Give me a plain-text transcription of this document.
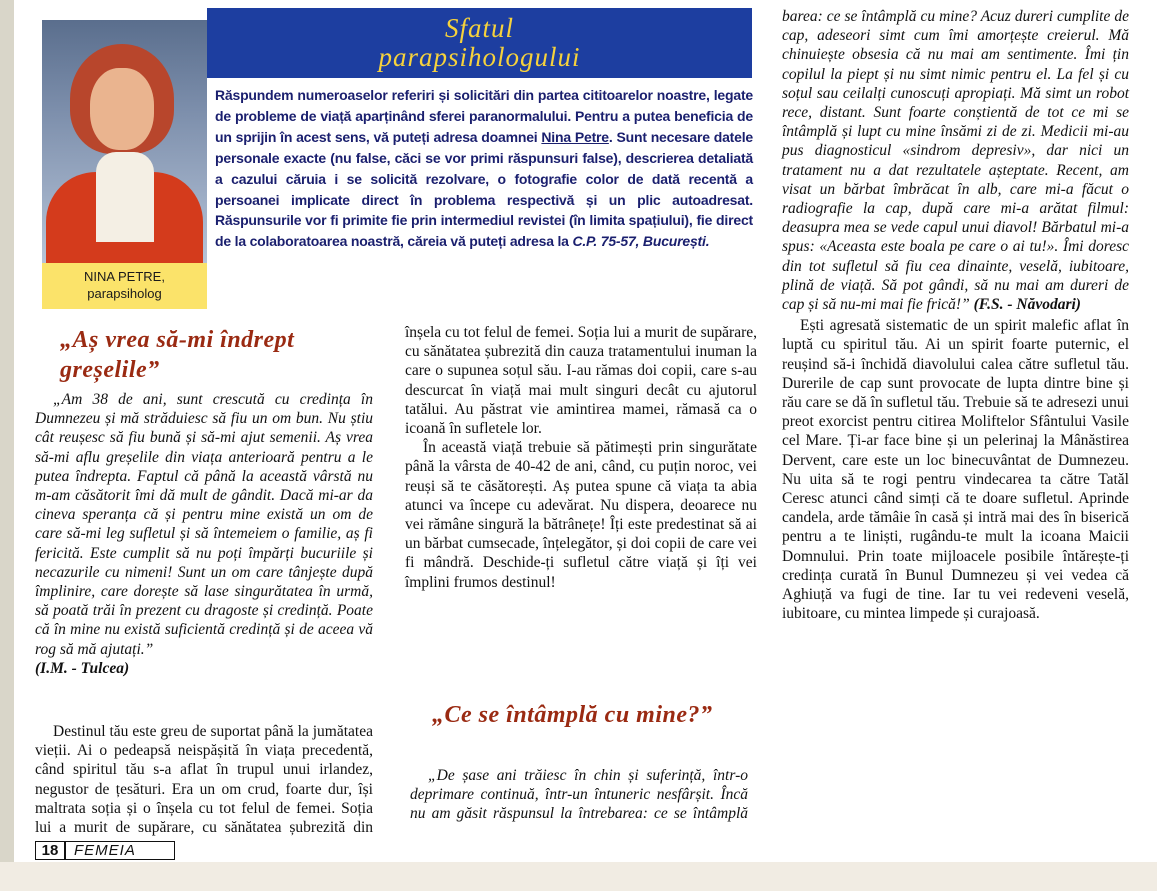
NINA PETRE,
parapsiholog
Sfatul
parapsihologului
Răspundem numeroaselor referiri și solicitări din partea cititoarelor noastre, legate de probleme de viață aparținând sferei paranormalului. Pentru a putea beneficia de un sprijin în acest sens, vă puteți adresa doamnei Nina Petre. Sunt necesare datele personale exacte (nu false, căci se vor primi răspunsuri false), descrierea detaliată a cazului căruia i se solicită rezolvare, o fotografie color de dată recentă a persoanei implicate direct în problema respectivă și un plic autoadresat. Răspunsurile vor fi primite fie prin intermediul revistei (în limita spațiului), fie direct de la colaboratoarea noastră, căreia vă puteți adresa la C.P. 75-57, București.
„Aș vrea să-mi îndrept greșelile”

„Am 38 de ani, sunt crescută cu credința în Dumnezeu și mă străduiesc să fiu un om bun. Nu știu cât reușesc să fiu bună și să-mi ajut semenii. Aș vrea să-mi aflu greșelile din viața anterioară pentru a le putea îndrepta. Faptul că până la această vârstă nu m-am căsătorit îmi dă mult de gândit. Dacă mi-ar da cineva speranța că și pentru mine există un om de care să-mi leg sufletul și să întemeiem o familie, aș fi fericită. Este cumplit să nu poți împărți bucuriile și necazurile cu nimeni! Sunt un om care tânjește după împlinire, care dorește să lase singurătatea în urmă, să poată trăi în prezent cu dragoste și credință. Poate că în mine nu există suficientă credință și de aceea vă rog să mă ajutați.”

(I.M. - Tulcea)

Destinul tău este greu de suportat până la jumătatea vieții. Ai o pedeapsă neispășită în viața precedentă, când spiritul tău s-a aflat în trupul unui irlandez, negustor de țesături. Era un om crud, foarte dur, își maltrata soția și o înșela cu tot felul de femei. Soția lui a murit de supărare, cu sănătatea șubrezită din

înșela cu tot felul de femei. Soția lui a murit de supărare, cu sănătatea șubrezită din cauza tratamentului inuman la care o supunea soțul său. I-au rămas doi copii, care s-au descurcat în viață mai mult singuri decât cu ajutorul tatălui. Au păstrat vie amintirea mamei, rămasă ca o icoană în sufletele lor.

În această viață trebuie să pătimești prin singurătate până la vârsta de 40-42 de ani, când, cu puțin noroc, vei reuși să te căsătorești. Aș putea spune că viața ta abia atunci va începe cu adevărat. Nu dispera, deoarece nu vei rămâne singură la bătrânețe! Îți este predestinat să ai un bărbat cumsecade, înțelegător, și doi copii de care vei fi mândră. Deschide-ți sufletul către viață și îți vei împlini frumos destinul!

„Ce se întâmplă cu mine?”

„De șase ani trăiesc în chin și suferință, într-o deprimare continuă, într-un întuneric nesfârșit. Încă nu am găsit răspunsul la întrebarea: ce se întâmplă

barea: ce se întâmplă cu mine? Acuz dureri cumplite de cap, adeseori simt cum îmi amorțește creierul. Mă chinuiește obsesia că nu mai am sentimente. Îmi țin copilul la piept și nu simt nimic pentru el. La fel și cu soțul sau ceilalți cunoscuți apropiați. Mă simt un robot rece, distant. Sunt foarte conștientă de tot ce mi se întâmplă și lupt cu mine însămi zi de zi. Medicii mi-au pus diagnosticul «sindrom depresiv», dar nici un tratament nu a dat rezultatele așteptate. Recent, am visat un bărbat îmbrăcat în alb, care mi-a făcut o radiografie la cap, după care mi-a arătat filmul: deasupra mea se vede capul unui diavol! Bărbatul mi-a spus: «Aceasta este boala pe care o ai tu!». Îmi doresc din tot sufletul să fiu cea dinainte, veselă, iubitoare, plină de viață. Să pot gândi, să nu mai am dureri de cap și să nu-mi mai fie frică!” (F.S. - Năvodari)

Ești agresată sistematic de un spirit malefic aflat în luptă cu spiritul tău. Ai un spirit foarte puternic, el reușind să-i închidă diavolului calea către sufletul tău. Durerile de cap sunt provocate de lupta dintre bine și rău care se dă în sufletul tău. Trebuie să te adresezi unui preot exorcist pentru citirea Moliftelor Sfântului Vasile cel Mare. Ți-ar face bine și un pelerinaj la Mânăstirea Dervent, care este un loc binecuvântat de Dumnezeu. Nu uita să te rogi pentru vindecarea ta către Tatăl Ceresc atunci când simți că te doare sufletul. Aprinde candela, arde tămâie în casă și intră mai des în biserică pentru a te liniști, rugându-te mult la icoana Maicii Domnului. Prin toate mijloacele posibile întărește-ți credința curată în Bunul Dumnezeu și vei vedea că Aghiuță va fugi de tine. Iar tu vei redeveni veselă, iubitoare, cu mintea limpede și curajoasă.

18 FEMEIA
